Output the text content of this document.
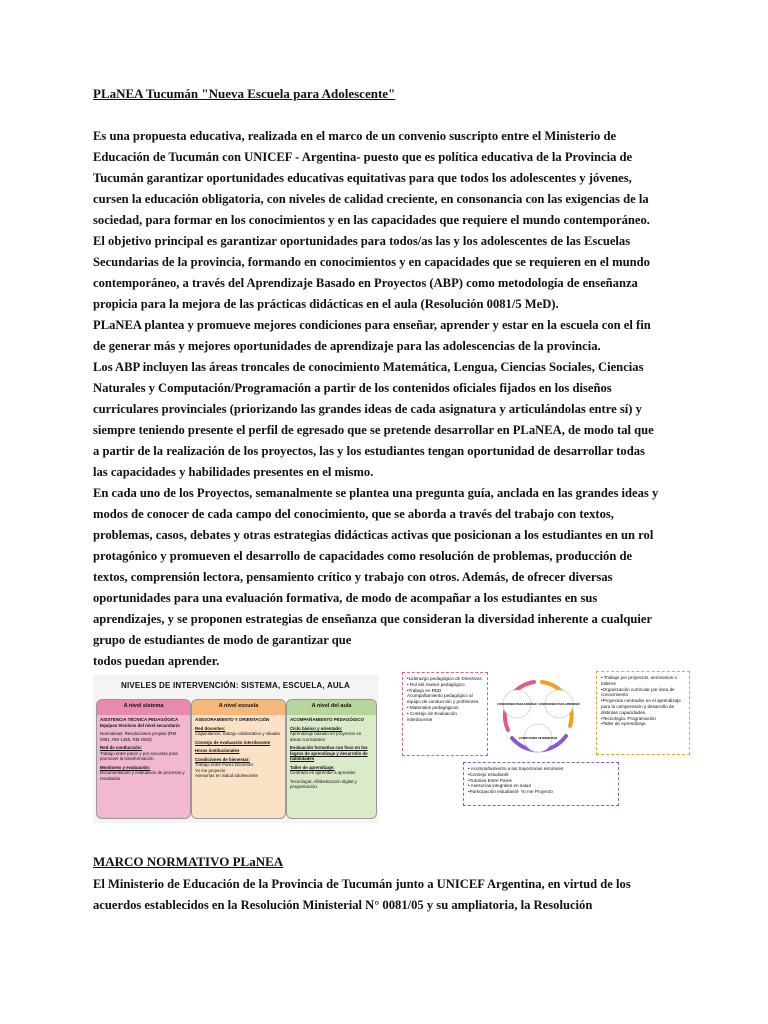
PLaNEA Tucumán "Nueva Escuela para Adolescente"

Es una propuesta educativa, realizada en el marco de un convenio suscripto entre el Ministerio de
Educación de Tucumán con UNICEF - Argentina- puesto que es política educativa de la Provincia de
Tucumán garantizar oportunidades educativas equitativas para que todos los adolescentes y jóvenes,
cursen la educación obligatoria, con niveles de calidad creciente, en consonancia con las exigencias de la
sociedad, para formar en los conocimientos y en las capacidades que requiere el mundo contemporáneo.
El objetivo principal es garantizar oportunidades para todos/as las y los adolescentes de las Escuelas
Secundarias de la provincia, formando en conocimientos y en capacidades que se requieren en el mundo
contemporáneo, a través del Aprendizaje Basado en Proyectos (ABP) como metodología de enseñanza
propicia para la mejora de las prácticas didácticas en el aula (Resolución 0081/5 MeD).
PLaNEA plantea y promueve mejores condiciones para enseñar, aprender y estar en la escuela con el fin
de generar más y mejores oportunidades de aprendizaje para las adolescencias de la provincia.
Los ABP incluyen las áreas troncales de conocimiento Matemática, Lengua, Ciencias Sociales, Ciencias
Naturales y Computación/Programación a partir de los contenidos oficiales fijados en los diseños
curriculares provinciales (priorizando las grandes ideas de cada asignatura y articulándolas entre sí) y
siempre teniendo presente el perfil de egresado que se pretende desarrollar en PLaNEA, de modo tal que
a partir de la realización de los proyectos, las y los estudiantes tengan oportunidad de desarrollar todas
las capacidades y habilidades presentes en el mismo.
En cada uno de los Proyectos, semanalmente se plantea una pregunta guía, anclada en las grandes ideas y
modos de conocer de cada campo del conocimiento, que se aborda a través del trabajo con textos,
problemas, casos, debates y otras estrategias didácticas activas que posicionan a los estudiantes en un rol
protagónico y promueven el desarrollo de capacidades como resolución de problemas, producción de
textos, comprensión lectora, pensamiento crítico y trabajo con otros. Además, de ofrecer diversas
oportunidades para una evaluación formativa, de modo de acompañar a los estudiantes en sus
aprendizajes, y se proponen estrategias de enseñanza que consideran la diversidad inherente a cualquier
grupo de estudiantes de modo de garantizar que
todos puedan aprender.
NIVELES DE INTERVENCIÓN: SISTEMA, ESCUELA, AULA
A nivel sistema
ASISTENCIA TÉCNICA PEDAGÓGICA
Equipos técnicos del nivel secundario
Normativas: Resoluciones propias (RM 0081, RM 1465, RM 2063)
Red de conducción:
Trabajo entre pares y por escuelas para promover la transformación.
Monitoreo y evaluación:
Documentación y evaluación de procesos y resultados
A nivel escuela
ASESORAMIENTO Y ORIENTACIÓN
Red docentes:
Capacitación, trabajo colaborativo y situado
Consejo de evaluación interdocente
Horas institucionales
Condiciones de bienestar:
Trabajo entre Pares Docentes
Yo me proyecto
Asesorías en Salud adolescente
A nivel del aula
ACOMPAÑAMIENTO PEDAGÓGICO
Ciclo básico y orientado:
Aprendizaje basado en proyectos en áreas curriculares
Evaluación formativa con foco en los logros de aprendizaje y desarrollo de habilidades
Taller de aprendizaje:
Centrado en aprender a aprender
Tecnología: Alfabetización digital y programación.
•Liderazgo pedagógico de Directivos
• Rol del Asesor pedagógico
•Trabajo en RED
Acompañamiento pedagógico al equipo de conducción y profesores.
• Materiales pedagógicos
• Consejo de Evaluación interdocente
CONDICIONES PARA ENSEÑAR CONDICIONES PARA APRENDER
CONDICIONES DE BIENESTAR
• Trabajo por proyectos, seminarios o talleres
•Organización curricular por área de conocimiento
•Proyectos centrados en el aprendizaje para la comprensión y desarrollo de distintas capacidades.
•Tecnología: Programación
•Taller de Aprendizaje.
• Acompañamiento a las trayectorias escolares
•Consejo estudiantil
•Tutorías Entre Pares
• Asesorías integrales en salud
•Participación estudiantil- Yo me Proyecto

MARCO NORMATIVO PLaNEA

El Ministerio de Educación de la Provincia de Tucumán junto a UNICEF Argentina, en virtud de los
acuerdos establecidos en la Resolución Ministerial N° 0081/05 y su ampliatoria, la Resolución
